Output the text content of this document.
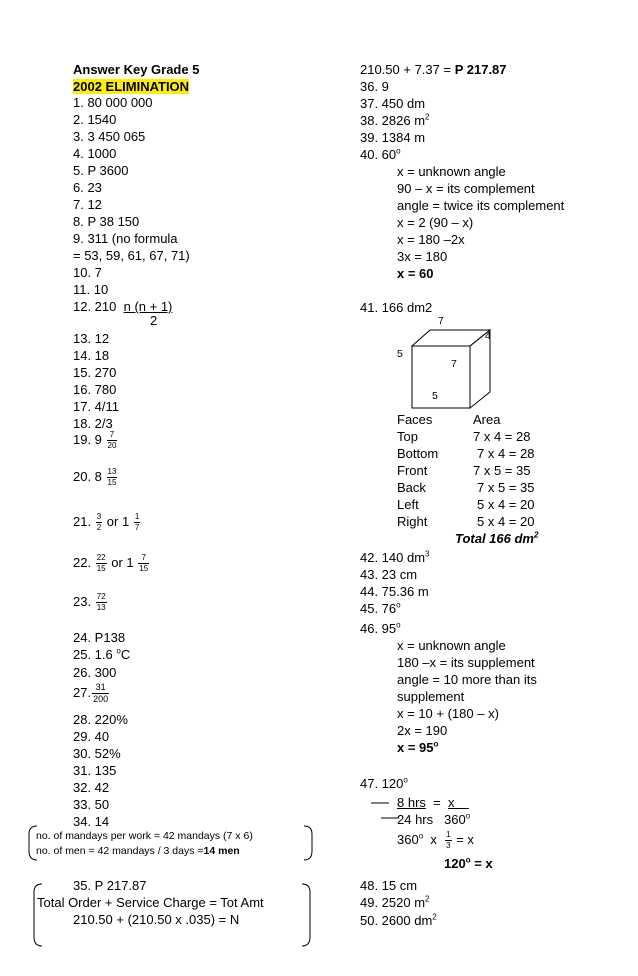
Answer Key Grade 5
2002 ELIMINATION
1. 80 000 000
2. 1540
3. 3 450 065
4. 1000
5. P 3600
6. 23
7. 12
8. P 38 150
9. 311 (no formula
= 53, 59, 61, 67, 71)
10. 7
11. 10
12. 210 n (n + 1)
2
13. 12
14. 18
15. 270
16. 780
17. 4/11
18. 2/3
19. $9 \frac{7}{20}$
20. $8 \frac{13}{15}$
21. $\frac{3}{2}$ or $1 \frac{1}{7}$
22. $\frac{22}{15}$ or $1 \frac{7}{15}$
23. $\frac{72}{13}$
24. P138
25. 1.6 $^o$C
26. 300
27. $\frac{31}{200}$
28. 220%
29. 40
30. 52%
31. 135
32. 42
33. 50
34. 14
no. of mandays per work = 42 mandays (7 x 6)
no. of men = 42 mandays / 3 days =14 men
35. P 217.87
Total Order + Service Charge = Tot Amt
210.50 + (210.50 x .035) = N
210.50 + 7.37 = P 217.87
36. 9
37. 450 dm
38. 2826 $m^2$
39. 1384 m
40. 60$^o$
x = unknown angle
90 – x = its complement
angle = twice its complement
x = 2 (90 – x)
x = 180 –2x
3x = 180
x = 60
41. 166 dm2
7
4
5
7
5
Faces	Area
Top	7 x 4 = 28
Bottom	7 x 4 = 28
Front	7 x 5 = 35
Back	7 x 5 = 35
Left	5 x 4 = 20
Right	5 x 4 = 20
Total 166 $dm^2$
42. 140 $dm^3$
43. 23 cm
44. 75.36 m
45. 76$^o$
46. 95$^o$
x = unknown angle
180 –x = its supplement
angle = 10 more than its
supplement
x = 10 + (180 – x)
2x = 190
$x = 95^o$
47. 120$^o$
8 hrs = x
24 hrs 360$^o$
360$^o$ x $\frac{1}{3} = x$
$120^o = x$
48. 15 cm
49. 2520 $m^2$
50. 2600 $dm^2$
